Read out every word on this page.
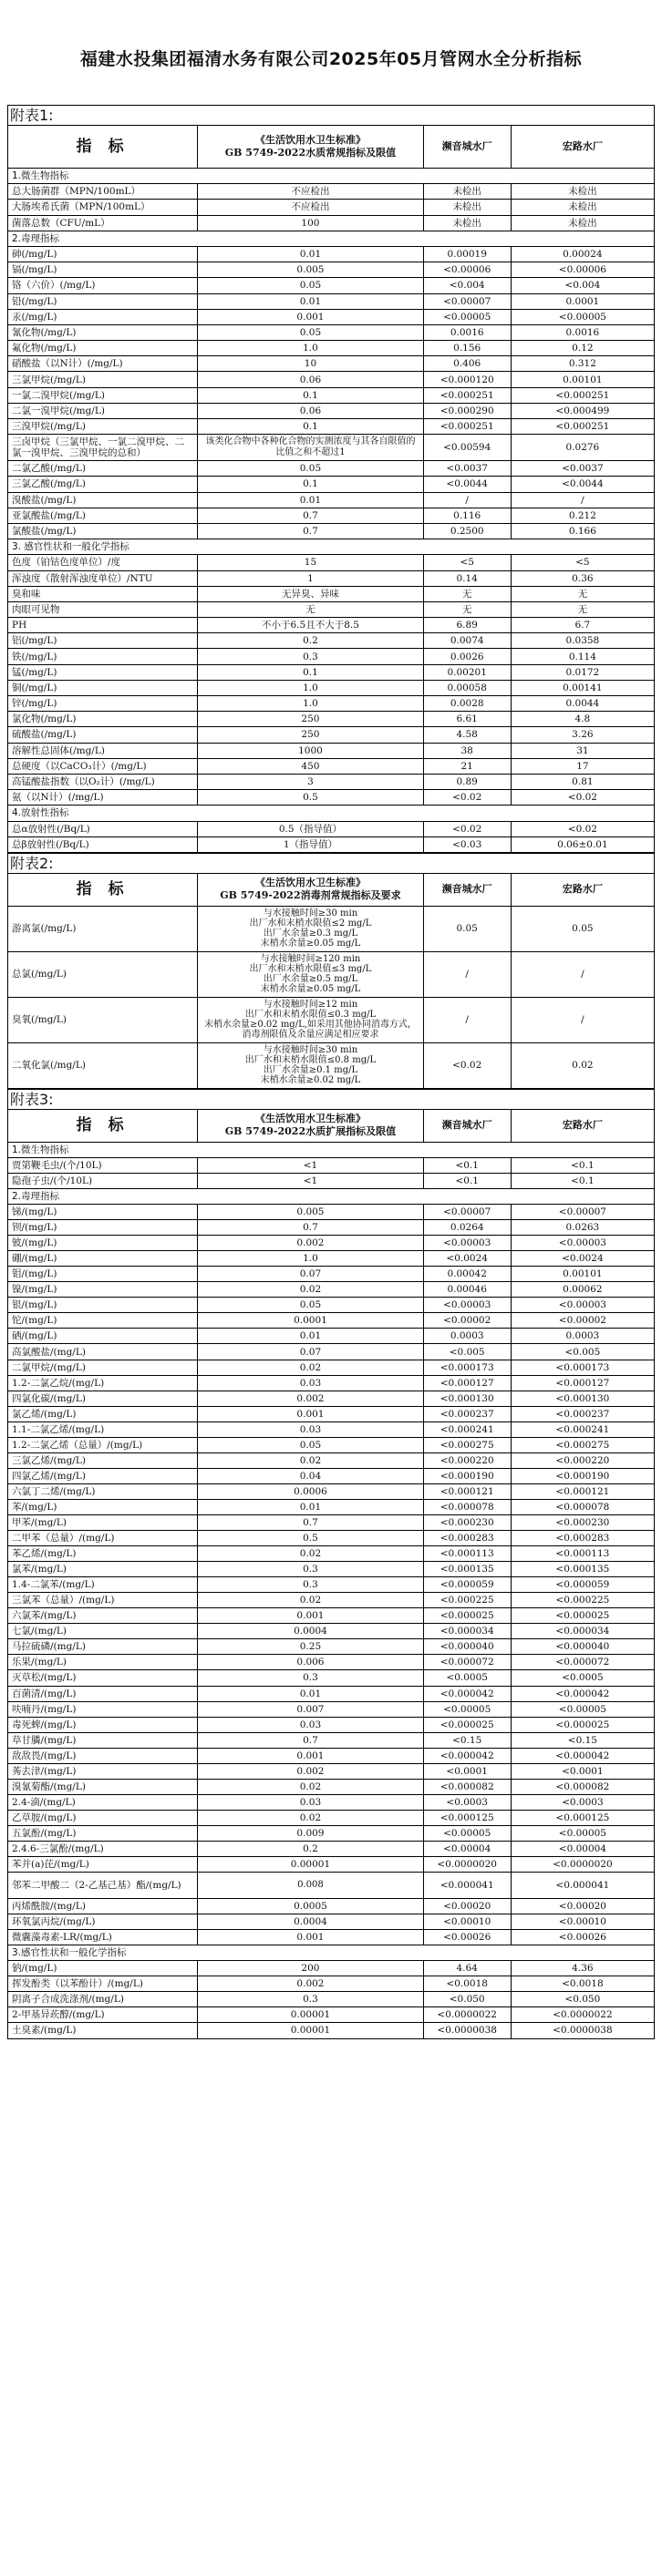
福建水投集团福清水务有限公司2025年05月管网水全分析指标
附表1:
指 标	《生活饮用水卫生标准》
GB 5749-2022水质常规指标及限值	濒音城水厂	宏路水厂
1.微生物指标			
总大肠菌群（MPN/100mL）	不应检出	未检出	未检出
大肠埃希氏菌（MPN/100mL）	不应检出	未检出	未检出
菌落总数（CFU/mL）	100	未检出	未检出
2.毒理指标			
砷(/mg/L)	0.01	0.00019	0.00024
镉(/mg/L)	0.005	<0.00006	<0.00006
铬（六价）(/mg/L)	0.05	<0.004	<0.004
铅(/mg/L)	0.01	<0.00007	0.0001
汞(/mg/L)	0.001	<0.00005	<0.00005
氰化物(/mg/L)	0.05	0.0016	0.0016
氟化物(/mg/L)	1.0	0.156	0.12
硝酸盐（以N计）(/mg/L)	10	0.406	0.312
三氯甲烷(/mg/L)	0.06	<0.000120	0.00101
一氯二溴甲烷(/mg/L)	0.1	<0.000251	<0.000251
二氯一溴甲烷(/mg/L)	0.06	<0.000290	<0.000499
三溴甲烷(/mg/L)	0.1	<0.000251	<0.000251
三卤甲烷（三氯甲烷、一氯二溴甲烷、二氯一溴甲烷、三溴甲烷的总和）	该类化合物中各种化合物的实测浓度与其各自限值的比值之和不超过1	<0.00594	0.0276
二氯乙酸(/mg/L)	0.05	<0.0037	<0.0037
三氯乙酸(/mg/L)	0.1	<0.0044	<0.0044
溴酸盐(/mg/L)	0.01	/	/
亚氯酸盐(/mg/L)	0.7	0.116	0.212
氯酸盐(/mg/L)	0.7	0.2500	0.166
3. 感官性状和一般化学指标			
色度（铂钴色度单位）/度	15	<5	<5
浑浊度（散射浑浊度单位）/NTU	1	0.14	0.36
臭和味	无异臭、异味	无	无
肉眼可见物	无	无	无
PH	不小于6.5且不大于8.5	6.89	6.7
铝(/mg/L)	0.2	0.0074	0.0358
铁(/mg/L)	0.3	0.0026	0.114
锰(/mg/L)	0.1	0.00201	0.0172
铜(/mg/L)	1.0	0.00058	0.00141
锌(/mg/L)	1.0	0.0028	0.0044
氯化物(/mg/L)	250	6.61	4.8
硫酸盐(/mg/L)	250	4.58	3.26
溶解性总固体(/mg/L)	1000	38	31
总硬度（以CaCO₃计）(/mg/L)	450	21	17
高锰酸盐指数（以O₂计）(/mg/L)	3	0.89	0.81
氨（以N计）(/mg/L)	0.5	<0.02	<0.02
4.放射性指标			
总α放射性(/Bq/L)	0.5（指导值）	<0.02	<0.02
总β放射性(/Bq/L)	1（指导值）	<0.03	0.06±0.01
附表2:
指 标	《生活饮用水卫生标准》
GB 5749-2022消毒剂常规指标及要求	濒音城水厂	宏路水厂
游离氯(/mg/L)	与水接触时间≥30 min
出厂水和末梢水限值≤2 mg/L
出厂水余量≥0.3 mg/L
末梢水余量≥0.05 mg/L	0.05	0.05
总氯(/mg/L)	与水接触时间≥120 min
出厂水和末梢水限值≤3 mg/L
出厂水余量≥0.5 mg/L
末梢水余量≥0.05 mg/L	/	/
臭氧(/mg/L)	与水接触时间≥12 min
出厂水和末梢水限值≤0.3 mg/L
末梢水余量≥0.02 mg/L,如采用其他协同消毒方式，消毒剂限值及余量应满足相应要求	/	/
二氧化氯(/mg/L)	与水接触时间≥30 min
出厂水和末梢水限值≤0.8 mg/L
出厂水余量≥0.1 mg/L
末梢水余量≥0.02 mg/L	<0.02	0.02
附表3:
指 标	《生活饮用水卫生标准》
GB 5749-2022水质扩展指标及限值	濒音城水厂	宏路水厂
1.微生物指标			
贾第鞭毛虫/(个/10L)	<1	<0.1	<0.1
隐孢子虫/(个/10L)	<1	<0.1	<0.1
2.毒理指标			
锑/(mg/L)	0.005	<0.00007	<0.00007
钡/(mg/L)	0.7	0.0264	0.0263
铍/(mg/L)	0.002	<0.00003	<0.00003
硼/(mg/L)	1.0	<0.0024	<0.0024
钼/(mg/L)	0.07	0.00042	0.00101
镍/(mg/L)	0.02	0.00046	0.00062
银/(mg/L)	0.05	<0.00003	<0.00003
铊/(mg/L)	0.0001	<0.00002	<0.00002
硒/(mg/L)	0.01	0.0003	0.0003
高氯酸盐/(mg/L)	0.07	<0.005	<0.005
二氯甲烷/(mg/L)	0.02	<0.000173	<0.000173
1.2-二氯乙烷/(mg/L)	0.03	<0.000127	<0.000127
四氯化碳/(mg/L)	0.002	<0.000130	<0.000130
氯乙烯/(mg/L)	0.001	<0.000237	<0.000237
1.1-二氯乙烯/(mg/L)	0.03	<0.000241	<0.000241
1.2-二氯乙烯（总量）/(mg/L)	0.05	<0.000275	<0.000275
三氯乙烯/(mg/L)	0.02	<0.000220	<0.000220
四氯乙烯/(mg/L)	0.04	<0.000190	<0.000190
六氯丁二烯/(mg/L)	0.0006	<0.000121	<0.000121
苯/(mg/L)	0.01	<0.000078	<0.000078
甲苯/(mg/L)	0.7	<0.000230	<0.000230
二甲苯（总量）/(mg/L)	0.5	<0.000283	<0.000283
苯乙烯/(mg/L)	0.02	<0.000113	<0.000113
氯苯/(mg/L)	0.3	<0.000135	<0.000135
1.4-二氯苯/(mg/L)	0.3	<0.000059	<0.000059
三氯苯（总量）/(mg/L)	0.02	<0.000225	<0.000225
六氯苯/(mg/L)	0.001	<0.000025	<0.000025
七氯/(mg/L)	0.0004	<0.000034	<0.000034
马拉硫磷/(mg/L)	0.25	<0.000040	<0.000040
乐果/(mg/L)	0.006	<0.000072	<0.000072
灭草松/(mg/L)	0.3	<0.0005	<0.0005
百菌清/(mg/L)	0.01	<0.000042	<0.000042
呋喃丹/(mg/L)	0.007	<0.00005	<0.00005
毒死蜱/(mg/L)	0.03	<0.000025	<0.000025
草甘膦/(mg/L)	0.7	<0.15	<0.15
敌敌畏/(mg/L)	0.001	<0.000042	<0.000042
莠去津/(mg/L)	0.002	<0.0001	<0.0001
溴氰菊酯/(mg/L)	0.02	<0.000082	<0.000082
2.4-滴/(mg/L)	0.03	<0.0003	<0.0003
乙草胺/(mg/L)	0.02	<0.000125	<0.000125
五氯酚/(mg/L)	0.009	<0.00005	<0.00005
2.4.6-三氯酚/(mg/L)	0.2	<0.00004	<0.00004
苯并(a)芘/(mg/L)	0.00001	<0.0000020	<0.0000020
邻苯二甲酸二（2-乙基己基）酯/(mg/L)	0.008	<0.000041	<0.000041
丙烯酰胺/(mg/L)	0.0005	<0.00020	<0.00020
环氧氯丙烷/(mg/L)	0.0004	<0.00010	<0.00010
微囊藻毒素-LR/(mg/L)	0.001	<0.00026	<0.00026
3.感官性状和一般化学指标			
钠/(mg/L)	200	4.64	4.36
挥发酚类（以苯酚计）/(mg/L)	0.002	<0.0018	<0.0018
阴离子合成洗涤剂/(mg/L)	0.3	<0.050	<0.050
2-甲基异莰醇/(mg/L)	0.00001	<0.0000022	<0.0000022
土臭素/(mg/L)	0.00001	<0.0000038	<0.0000038
